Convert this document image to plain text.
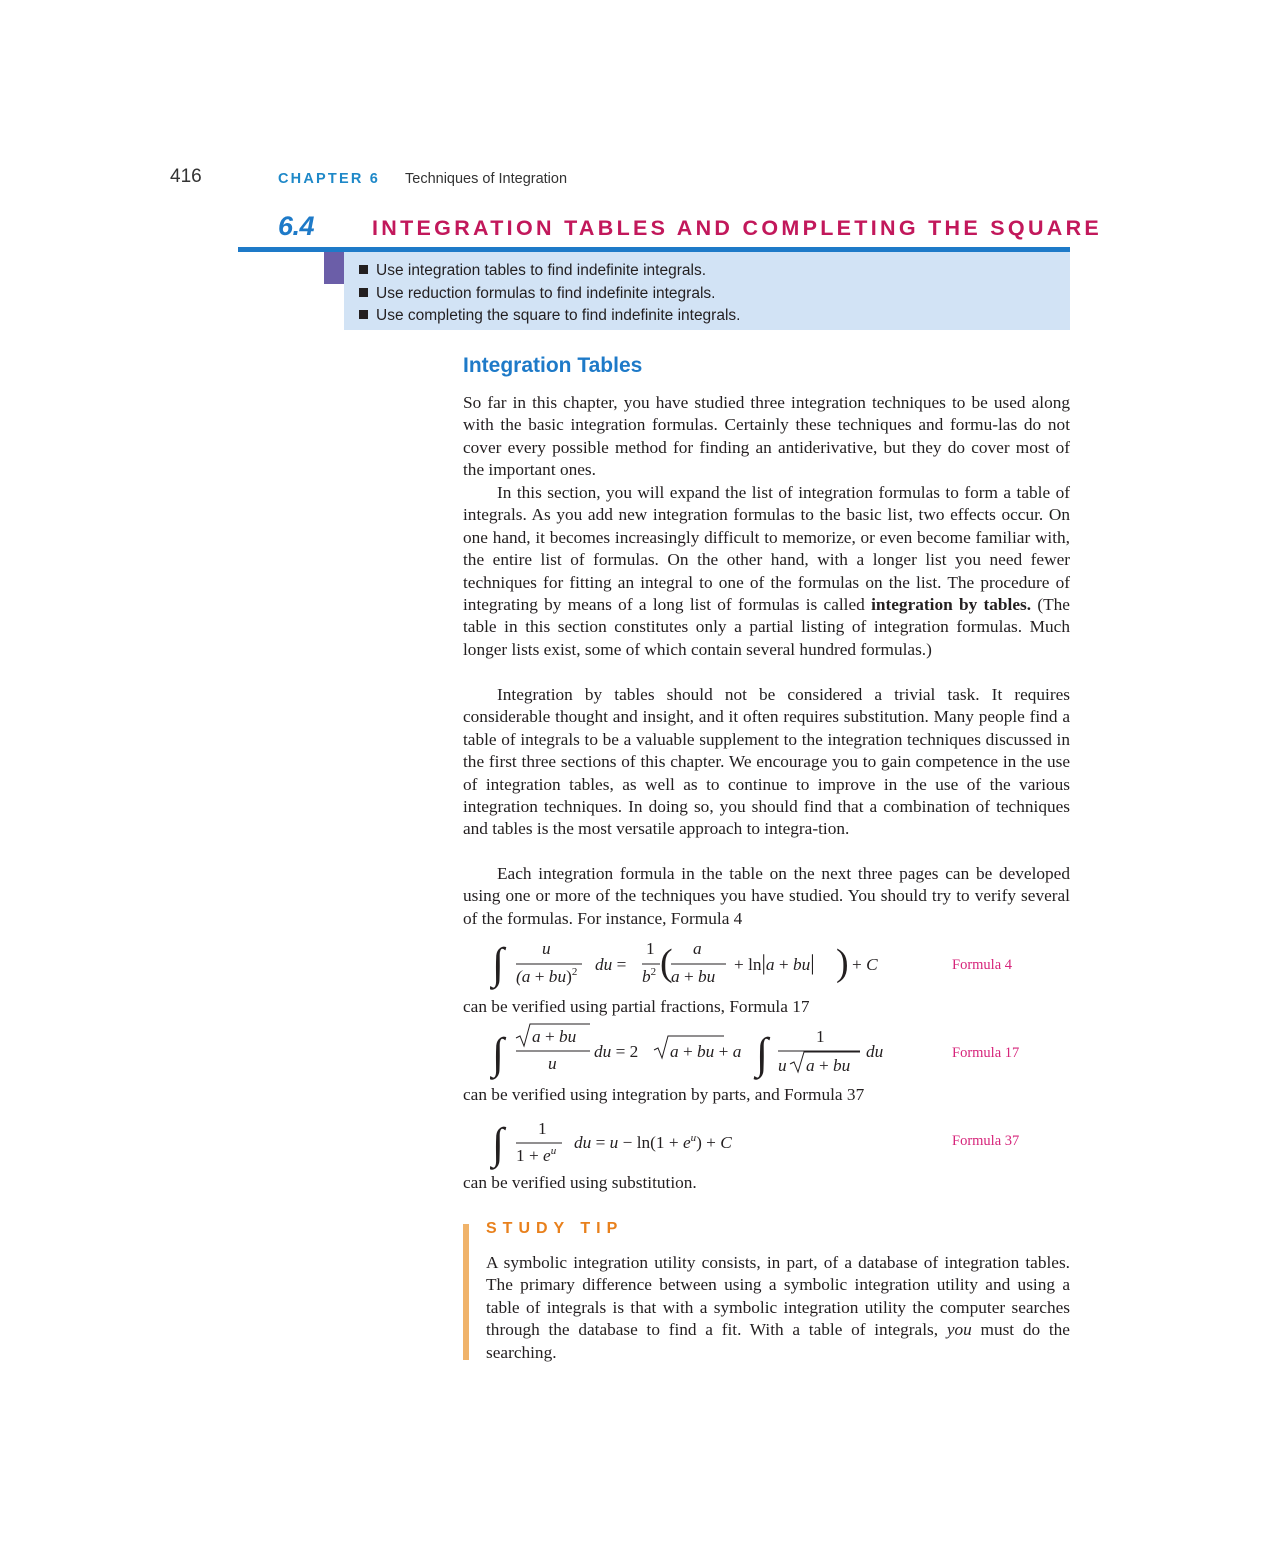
416	CHAPTER 6 Techniques of Integration
6.4	INTEGRATION TABLES AND COMPLETING THE SQUARE
Use integration tables to find indefinite integrals.
Use reduction formulas to find indefinite integrals.
Use completing the square to find indefinite integrals.
Integration Tables

So far in this chapter, you have studied three integration techniques to be used along with the basic integration formulas. Certainly these techniques and formu-las do not cover every possible method for finding an antiderivative, but they do cover most of the important ones.

In this section, you will expand the list of integration formulas to form a table of integrals. As you add new integration formulas to the basic list, two effects occur. On one hand, it becomes increasingly difficult to memorize, or even become familiar with, the entire list of formulas. On the other hand, with a longer list you need fewer techniques for fitting an integral to one of the formulas on the list. The procedure of integrating by means of a long list of formulas is called integration by tables. (The table in this section constitutes only a partial listing of integration formulas. Much longer lists exist, some of which contain several hundred formulas.)

Integration by tables should not be considered a trivial task. It requires considerable thought and insight, and it often requires substitution. Many people find a table of integrals to be a valuable supplement to the integration techniques discussed in the first three sections of this chapter. We encourage you to gain competence in the use of integration tables, as well as to continue to improve in the use of the various integration techniques. In doing so, you should find that a combination of techniques and tables is the most versatile approach to integra-tion.

Each integration formula in the table on the next three pages can be developed using one or more of the techniques you have studied. You should try to verify several of the formulas. For instance, Formula 4

∫ u
(a + bu)$^2$ du =
1
$b^2$ ( a
a + bu
+ ln|a + bu| ) + C	Formula 4

can be verified using partial fractions, Formula 17

∫ a + bu
u
du = 2 a + bu + a ∫	1
u a + bu
du	Formula 17

can be verified using integration by parts, and Formula 37

∫ 1
$1 + e^u$ du = $u - \ln(1 + e^u) + C$	Formula 37

can be verified using substitution.

STUDY TIP

A symbolic integration utility consists, in part, of a database of integration tables. The primary difference between using a symbolic integration utility and using a table of integrals is that with a symbolic integration utility the computer searches through the database to find a fit. With a table of integrals, you must do the searching.
